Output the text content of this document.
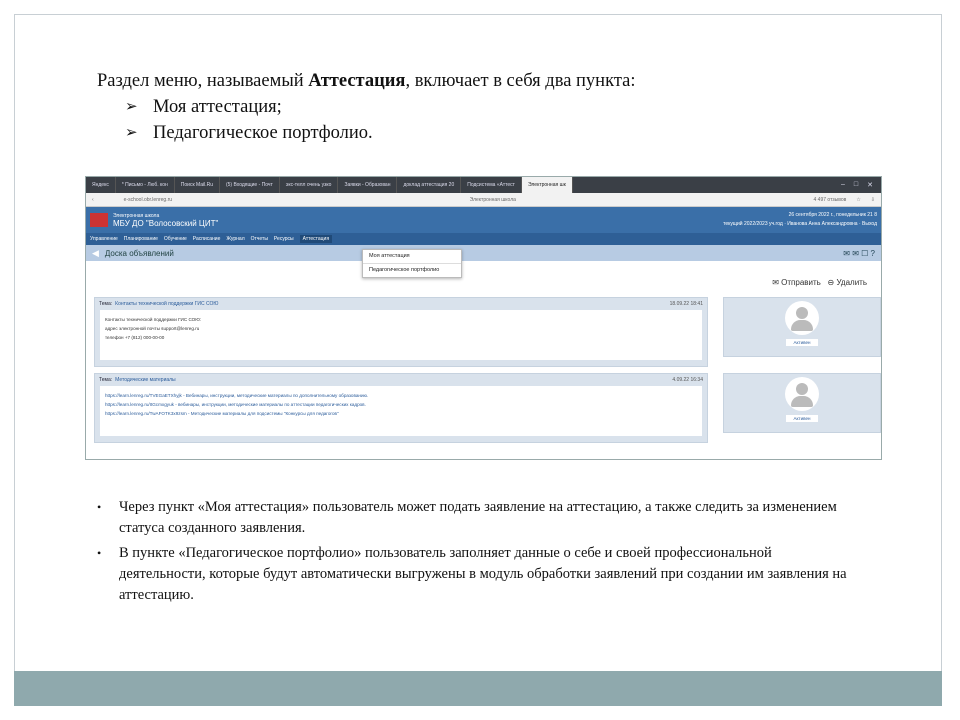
Раздел меню, называемый Аттестация, включает в себя два пункта:
➢ Моя аттестация;
➢ Педагогическое портфолио.
Яндекс	* Письмо - Люб. кон	Поиск Mail.Ru	(5) Входящие - Почт	экс-телл очень узко	Заявки - Образован	доклад аттестация 20	Подсистема «Аттест	Электронная шк	– □ ✕
‹	e-school.obr.lenreg.ru	Электронная школа	4 497 отзывов ☆ ⇩
Электронная школа
МБУ ДО "Волосовский ЦИТ"
26 сентября 2022 г., понедельник 21 8
текущий 2022/2023 уч.год · Иванова Анна Александровна · Выход
Управление Планирование Обучение Расписание Журнал Отчеты Ресурсы	Аттестация
◀ Доска объявлений	✉ ✉ ☐ ?
Моя аттестация
Педагогическое портфолио
✉ Отправить ⊖ Удалить
Тема: Контакты технической поддержки ГИС СОЮ	18.09.22 18:41
Контакты технической поддержки ГИС СОЮ:
адрес электронной почты support@lenreg.ru
телефон +7 (812) 000-00-00
Активен
Тема: Методические материалы	4.09.22 16:34
https://learn.lenreg.ru/TVEGaETXhyjk - Вебинары, инструкции, методические материалы по дополнительному образованию.
https://learn.lenreg.ru/ItGcmxgyuk - вебинары, инструкции, методические материалы по аттестации педагогических кадров.
https://learn.lenreg.ru/TwAFOTK3x9zsm - Методические материалы для подсистемы "Конкурсы для педагогов"
Активен
•	Через пункт «Моя аттестация» пользователь может подать заявление на аттестацию, а также следить за изменением статуса созданного заявления.
•	В пункте «Педагогическое портфолио» пользователь заполняет данные о себе и своей профессиональной деятельности, которые будут автоматически выгружены в модуль обработки заявлений при создании им заявления на аттестацию.
